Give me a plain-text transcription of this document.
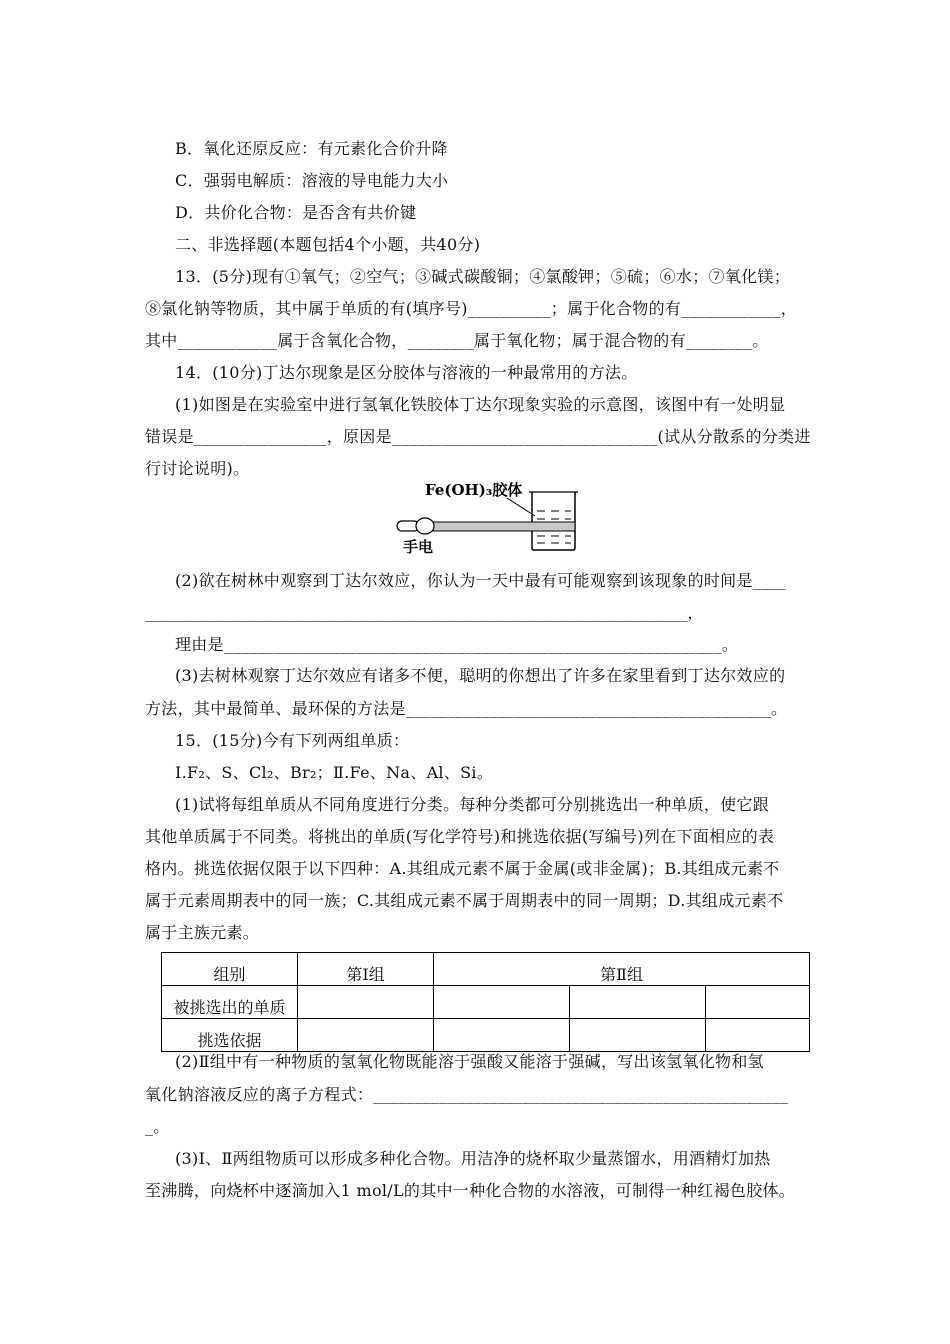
B．氧化还原反应：有元素化合价升降
C．强弱电解质：溶液的导电能力大小
D．共价化合物：是否含有共价键
二、非选择题(本题包括4个小题，共40分)
13．(5分)现有①氧气；②空气；③碱式碳酸铜；④氯酸钾；⑤硫；⑥水；⑦氧化镁；
⑧氯化钠等物质，其中属于单质的有(填序号)__________；属于化合物的有____________，
其中____________属于含氧化合物，________属于氧化物；属于混合物的有________。
14．(10分)丁达尔现象是区分胶体与溶液的一种最常用的方法。
(1)如图是在实验室中进行氢氧化铁胶体丁达尔现象实验的示意图，该图中有一处明显
错误是________________，原因是________________________________(试从分散系的分类进
行讨论说明)。
Fe(OH)₃胶体
手电
(2)欲在树林中观察到丁达尔效应，你认为一天中最有可能观察到该现象的时间是____
______________________________________________________________________，
理由是____________________________________________________________。
(3)去树林观察丁达尔效应有诸多不便，聪明的你想出了许多在家里看到丁达尔效应的
方法，其中最简单、最环保的方法是____________________________________________。
15．(15分)今有下列两组单质：
Ⅰ.F₂、S、Cl₂、Br₂；Ⅱ.Fe、Na、Al、Si。
(1)试将每组单质从不同角度进行分类。每种分类都可分别挑选出一种单质，使它跟
其他单质属于不同类。将挑出的单质(写化学符号)和挑选依据(写编号)列在下面相应的表
格内。挑选依据仅限于以下四种：A.其组成元素不属于金属(或非金属)；B.其组成元素不
属于元素周期表中的同一族；C.其组成元素不属于周期表中的同一周期；D.其组成元素不
属于主族元素。
组别	第Ⅰ组	第Ⅱ组		
被挑选出的单质				
挑选依据				
(2)Ⅱ组中有一种物质的氢氧化物既能溶于强酸又能溶于强碱，写出该氢氧化物和氢
氧化钠溶液反应的离子方程式：__________________________________________________
_。
(3)Ⅰ、Ⅱ两组物质可以形成多种化合物。用洁净的烧杯取少量蒸馏水，用酒精灯加热
至沸腾，向烧杯中逐滴加入1 mol/L的其中一种化合物的水溶液，可制得一种红褐色胶体。
